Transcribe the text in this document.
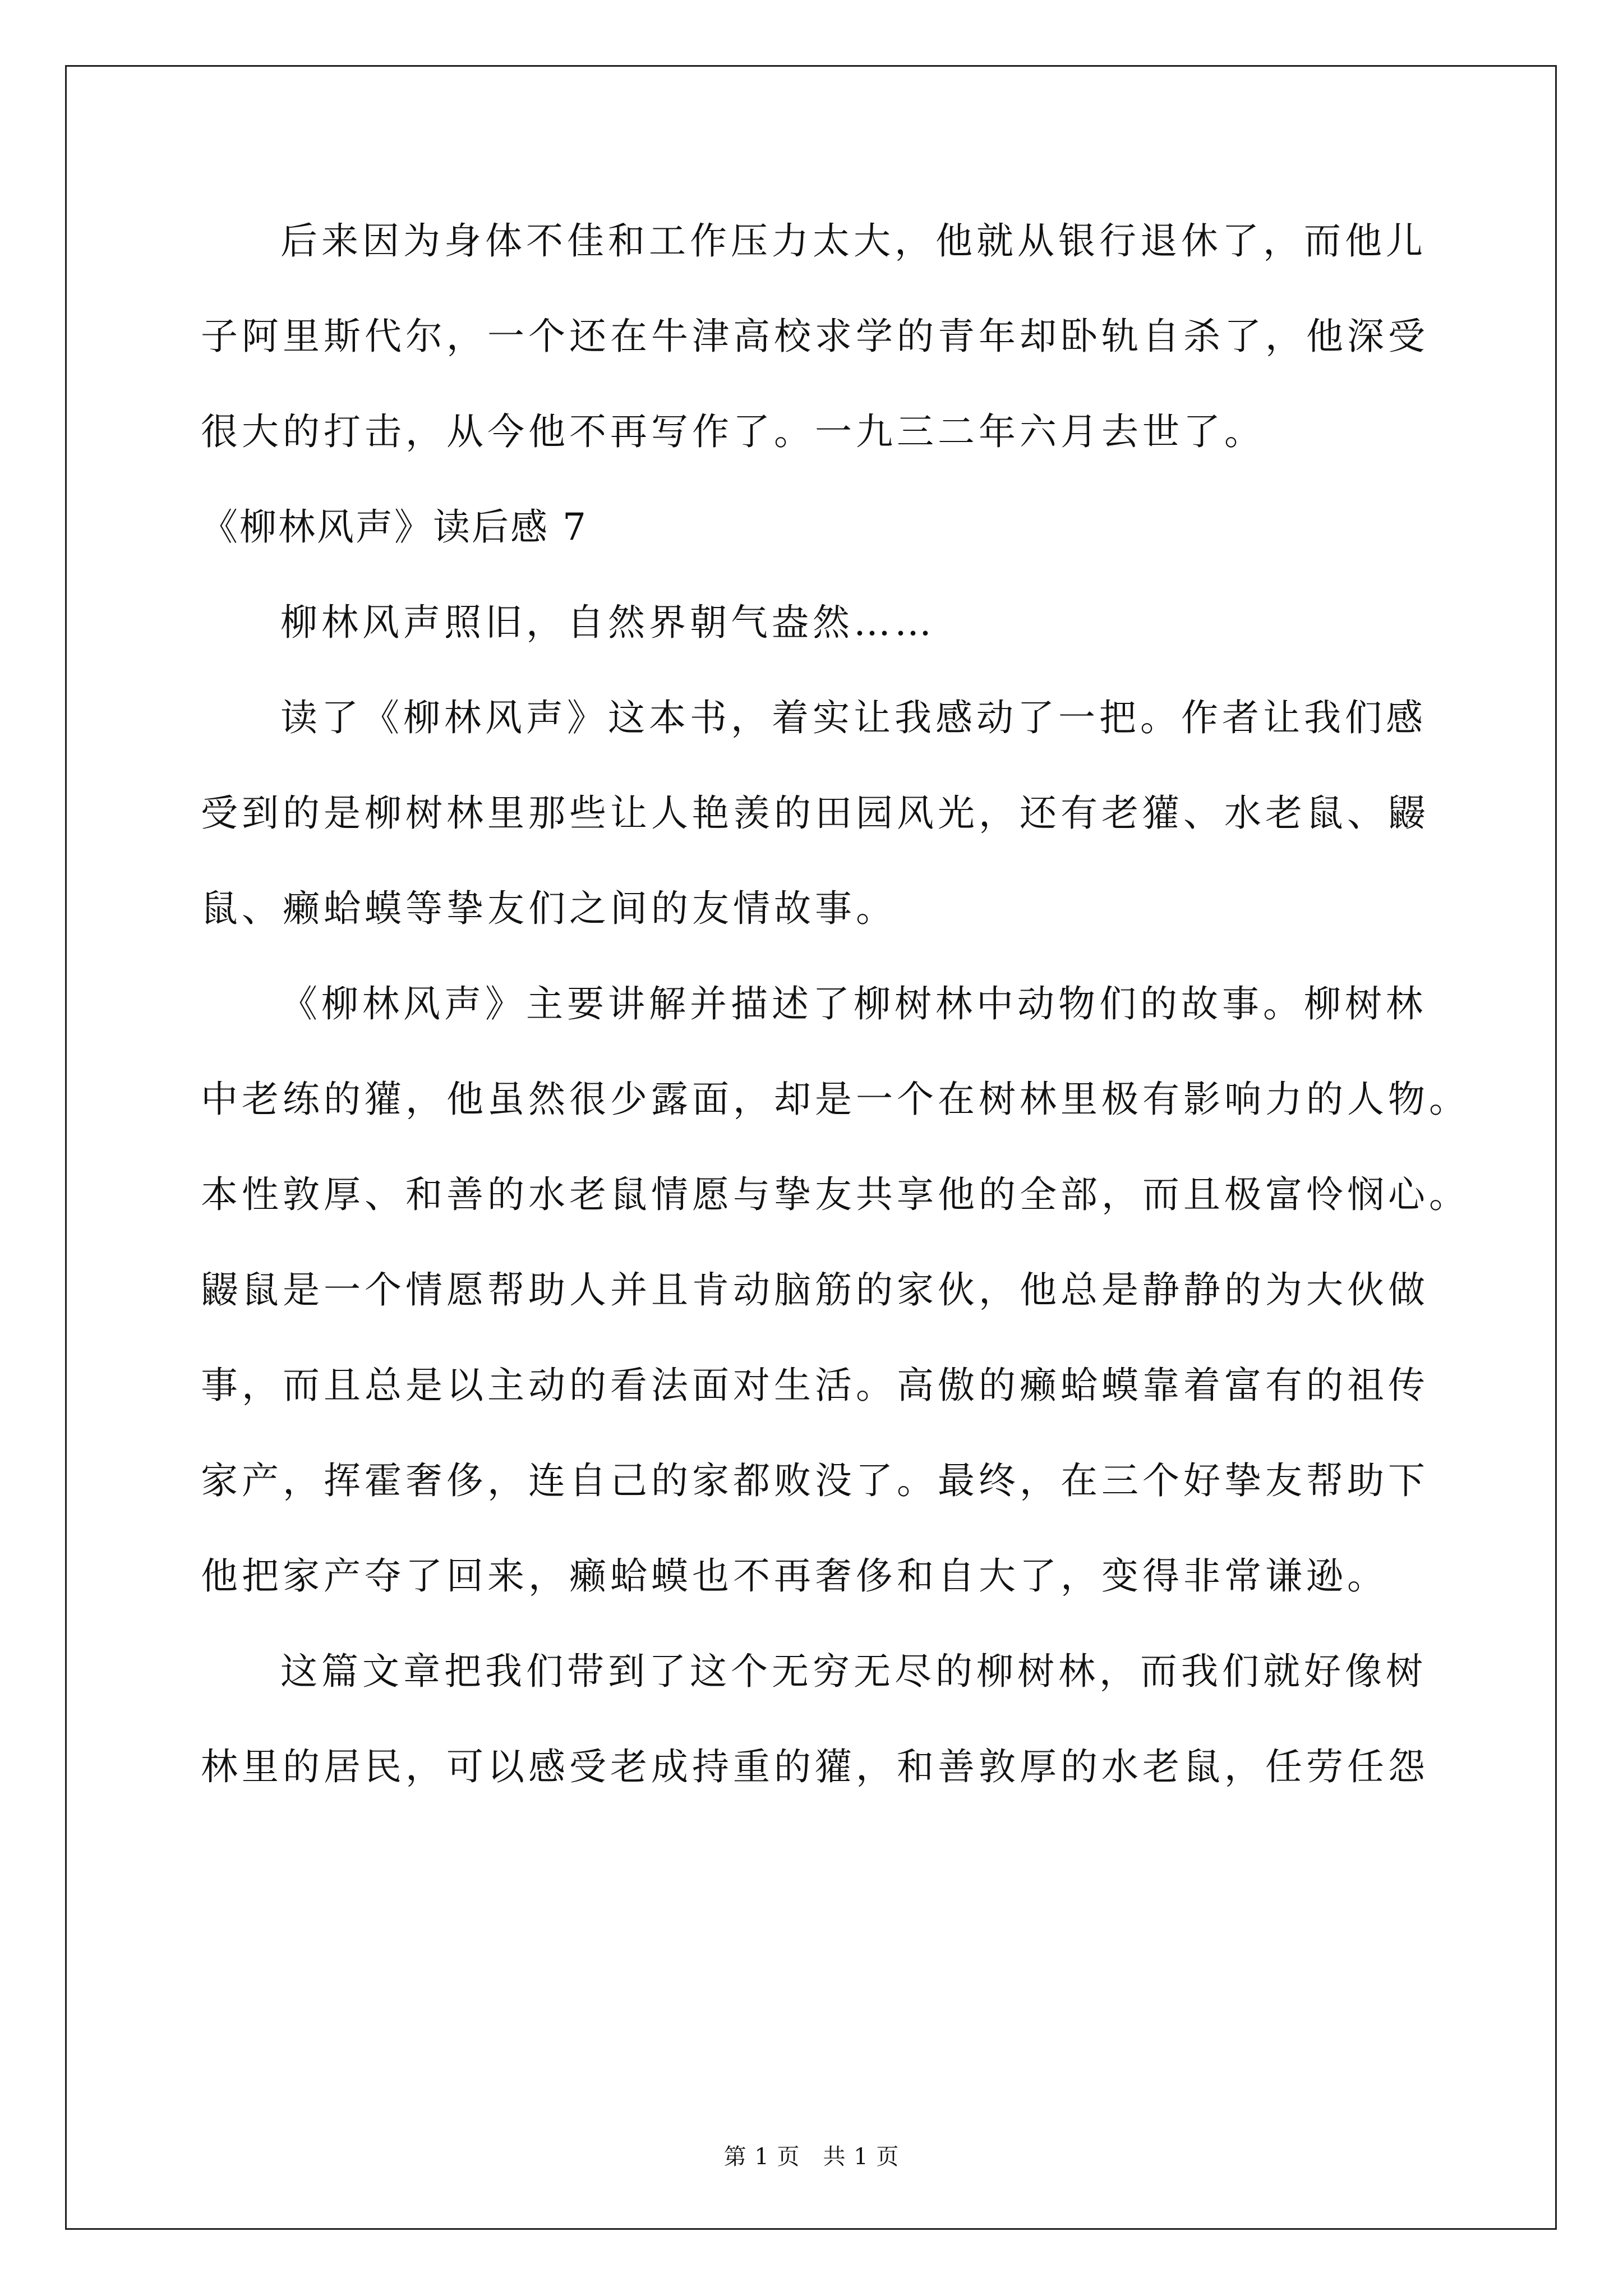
后来因为身体不佳和工作压力太大，他就从银行退休了，而他儿
子阿里斯代尔，一个还在牛津高校求学的青年却卧轨自杀了，他深受
很大的打击，从今他不再写作了。一九三二年六月去世了。
《柳林风声》读后感 7
柳林风声照旧，自然界朝气盎然……
读了《柳林风声》这本书，着实让我感动了一把。作者让我们感
受到的是柳树林里那些让人艳羡的田园风光，还有老獾、水老鼠、鼹
鼠、癞蛤蟆等挚友们之间的友情故事。
《柳林风声》主要讲解并描述了柳树林中动物们的故事。柳树林
中老练的獾，他虽然很少露面，却是一个在树林里极有影响力的人物。
本性敦厚、和善的水老鼠情愿与挚友共享他的全部，而且极富怜悯心。
鼹鼠是一个情愿帮助人并且肯动脑筋的家伙，他总是静静的为大伙做
事，而且总是以主动的看法面对生活。高傲的癞蛤蟆靠着富有的祖传
家产，挥霍奢侈，连自己的家都败没了。最终，在三个好挚友帮助下
他把家产夺了回来，癞蛤蟆也不再奢侈和自大了，变得非常谦逊。
这篇文章把我们带到了这个无穷无尽的柳树林，而我们就好像树
林里的居民，可以感受老成持重的獾，和善敦厚的水老鼠，任劳任怨
第 1 页　共 1 页
